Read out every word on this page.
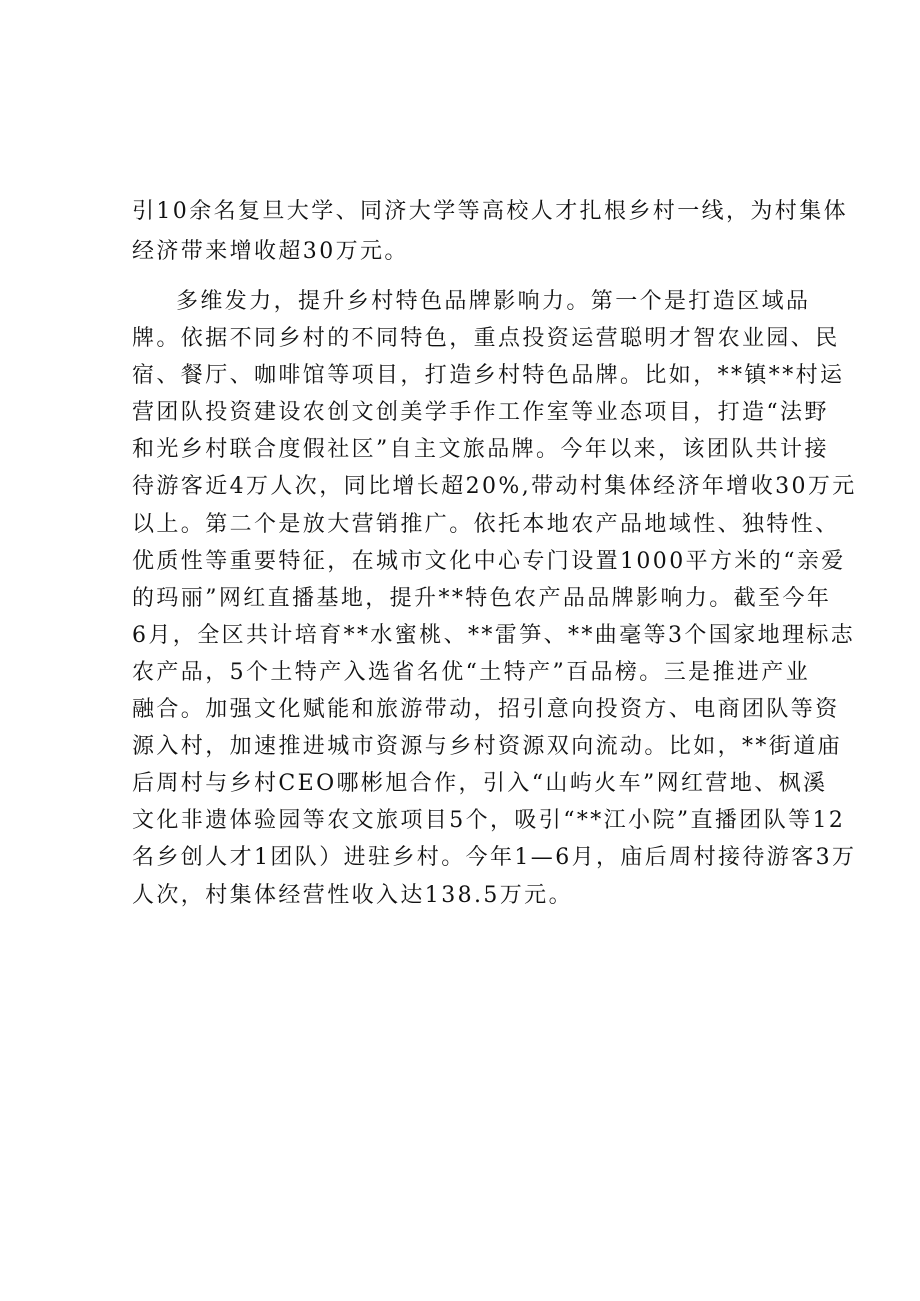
引10余名复旦大学、同济大学等高校人才扎根乡村一线，为村集体
经济带来增收超30万元。
多维发力，提升乡村特色品牌影响力。第一个是打造区域品
牌。依据不同乡村的不同特色，重点投资运营聪明才智农业园、民
宿、餐厅、咖啡馆等项目，打造乡村特色品牌。比如，**镇**村运
营团队投资建设农创文创美学手作工作室等业态项目，打造“法野
和光乡村联合度假社区”自主文旅品牌。今年以来，该团队共计接
待游客近4万人次，同比增长超20%,带动村集体经济年增收30万元
以上。第二个是放大营销推广。依托本地农产品地域性、独特性、
优质性等重要特征，在城市文化中心专门设置1000平方米的“亲爱
的玛丽”网红直播基地，提升**特色农产品品牌影响力。截至今年
6月，全区共计培育**水蜜桃、**雷笋、**曲毫等3个国家地理标志
农产品，5个土特产入选省名优“土特产”百品榜。三是推进产业
融合。加强文化赋能和旅游带动，招引意向投资方、电商团队等资
源入村，加速推进城市资源与乡村资源双向流动。比如，**街道庙
后周村与乡村CEO哪彬旭合作，引入“山屿火车”网红营地、枫溪
文化非遗体验园等农文旅项目5个，吸引“**江小院”直播团队等12
名乡创人才1团队）进驻乡村。今年1—6月，庙后周村接待游客3万
人次，村集体经营性收入达138.5万元。
